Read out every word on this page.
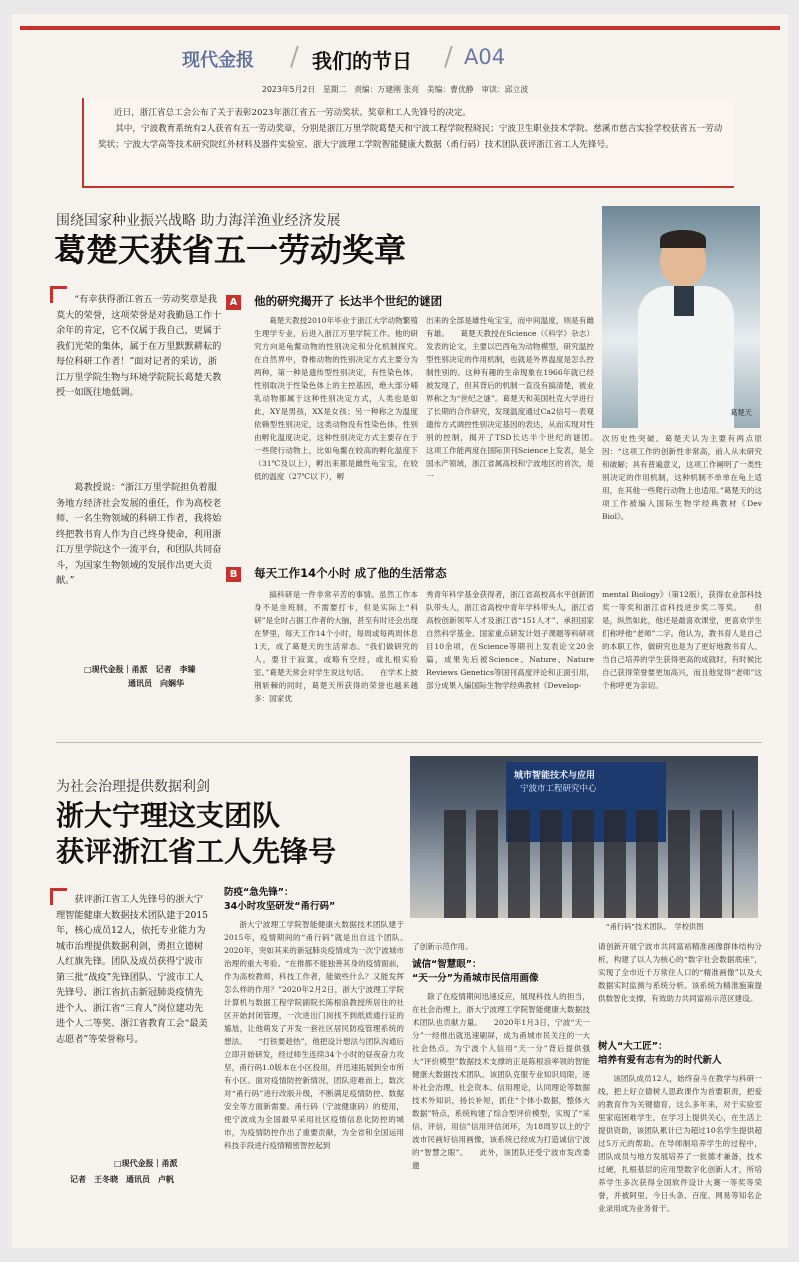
现代金报 / 我们的节日 / A04
2023年5月2日　星期二　责编：万建刚 张亮　美编：曹优静　审读：邱立波
近日，浙江省总工会公布了关于表彰2023年浙江省五一劳动奖状、奖章和工人先锋号的决定。
其中，宁波教育系统有2人获省有五一劳动奖章，分别是浙江万里学院葛楚天和宁波工程学院程晓民；宁波卫生职业技术学院、慈溪市慈吉实验学校获省五一劳动奖状；宁波大学高等技术研究院红外材料及器件实验室、浙大宁波理工学院智能健康大数据（甬行码）技术团队获评浙江省工人先锋号。
围绕国家种业振兴战略 助力海洋渔业经济发展
葛楚天获省五一劳动奖章
葛楚天
“有幸获得浙江省五一劳动奖章是我莫大的荣誉，这项荣誉是对我勤恳工作十余年的肯定，它不仅属于我自己，更属于我们光荣的集体，属于在万里默默耕耘的每位科研工作者！”面对记者的采访，浙江万里学院生物与环境学院院长葛楚天教授一如既往地低调。
葛教授说：“浙江万里学院担负着服务地方经济社会发展的重任，作为高校老师、一名生物领域的科研工作者，我将始终把教书育人作为自己终身使命，利用浙江万里学院这个一流平台，和团队共同奋斗，为国家生物领域的发展作出更大贡献。”
□现代金报｜甬派　记者　李臻
通讯员　向娴华
A 他的研究揭开了 长达半个世纪的谜团
葛楚天教授2010年毕业于浙江大学动物繁殖生理学专业，后进入浙江万里学院工作。他的研究方向是龟鳖动物的性别决定和分化机制探究。　　在自然界中，脊椎动物的性别决定方式主要分为两种，第一种是遗传型性别决定，有性染色体，性别取决于性染色体上的主控基因，绝大部分哺乳动物都属于这种性别决定方式，人类也是如此，XY是男孩，XX是女孩；另一种称之为温度依赖型性别决定，这类动物没有性染色体，性别由孵化温度决定，这种性别决定方式主要存在于一些爬行动物上，比如龟鳖在较高的孵化温度下（31℃及以上），孵出来都是雌性龟宝宝，在较低的温度（27℃以下），孵
出来的全部是雄性龟宝宝，而中间温度，则是有雌有雄。　　葛楚天教授在Science（《科学》杂志）发表的论文，主要以巴西龟为动物模型，研究温控型性别决定的作用机制，也就是外界温度是怎么控制性别的。这种有趣的生命现象在1966年就已经被发现了，但其背后的机制一直没有搞清楚，被业界称之为“世纪之谜”。葛楚天和美国杜克大学进行了长期的合作研究，发现温度通过Ca2信号－表观遗传方式调控性别决定基因的表达，从而实现对性别的控制，揭开了TSD长达半个世纪的谜团。　　这项工作能两度在国际顶刊Science上发表，是全国水产领域，浙江省属高校和宁波地区的首次，是一
次历史性突破。葛楚天认为主要有两点原因：“这项工作的创新性非常高，前人从未研究和破解；具有普遍意义，这项工作阐明了一类性别决定的作用机制，这种机制不单单在龟上适用，在其他一些爬行动物上也适用。”葛楚天的这项工作被编入国际生物学经典教材《Dev Biol》。
B 每天工作14个小时 成了他的生活常态
搞科研是一件非常辛苦的事情。虽然工作本身不是坐班制，不需要打卡，但是实际上“科研”是全时占据工作者的大脑，甚至有时还会出现在梦里，每天工作14个小时，每周或每两周休息1天，成了葛楚天的生活常态。“我们做研究的人，要甘于寂寞，或略有空经，或扎根实验室。”葛楚天常会对学生说这句话。　　在学术上披荆斩棘的同时，葛楚天所获得的荣誉也越来越多：国家优
秀青年科学基金获得者，浙江省高校高水平创新团队带头人，浙江省高校中青年学科带头人，浙江省高校创新领军人才及浙江省“151人才”、承担国家自然科学基金、国家重点研发计划子课题等科研项目10余项，在Science等期刊上发表论文20余篇，成果先后被Science、Nature、Nature Reviews Genetics等国刊高度评论和正面引用，部分成果入编国际生物学经典教材《Develop-
mental Biology》（第12版），获得农业部科技奖一等奖和浙江省科技进步奖二等奖。　　但是，纵然如此，他还是最喜欢课堂，更喜欢学生们称呼他“老师”二字。他认为，教书育人是自己的本职工作，做研究也是为了更好地教书育人。当自己培养的学生获得更高的成就时，有时候比自己获得荣誉要更加高兴，而且他觉得“老师”这个称呼更为亲切。
为社会治理提供数据利剑
浙大宁理这支团队
获评浙江省工人先锋号
城市智能技术与应用
宁波市工程研究中心
“甬行码”技术团队。　学校供图
获评浙江省工人先锋号的浙大宁理智能健康大数据技术团队建于2015年，核心成员12人，依托专业能力为城市治理提供数据利剑，勇担立德树人红旗先锋。团队及成员获得宁波市第三批“战疫”先锋团队、宁波市工人先锋号、浙江省抗击新冠肺炎疫情先进个人、浙江省“三育人”岗位建功先进个人二等奖、浙江省教育工会“最美志愿者”等荣誉称号。
□现代金报｜甬派
记者　王冬晓　通讯员　卢帆
防疫“急先锋”：
34小时攻坚研发“甬行码”
浙大宁波理工学院智能健康大数据技术团队建于2015年，疫情期间的“甬行码”就是出自这个团队。　　2020年，突如其来的新冠肺炎疫情成为一次宁波城市治理的重大考验。“在推都不能独善其身的疫情面前，作为高校教师，科技工作者，能做些什么？又能发挥怎么样的作用？”2020年2月2日，浙大宁波理工学院计算机与数据工程学院副院长陈根浪教授所居住的社区开始封闭管理，一次进出门岗找不到纸质通行证的尴尬，让他萌发了开发一套社区居民防疫管理系统的想法。　　“打铁要趁热”，他把设计想法与团队沟通后立即开始研发，经过师生连续34个小时的昼夜奋力攻坚，甬行码1.0版本在小区投用，并迅速拓展到全市所有小区。面对疫情防控新情况，团队迎难而上，数次对“甬行码”进行改版升级，不断满足疫情防控、数据安全等方面新需要。甬行码（宁波健康码）的使用，使宁波成为全国最早采用社区疫情信息化防控的城市，为疫情防控作出了重要贡献，为全省和全国运用科技手段进行疫情精密智控起到
了创新示范作用。
诚信“智慧眼”：
“天一分”为甬城市民信用画像
除了在疫情期间迅速反应，展现科技人的担当，在社会治理上，浙大宁波理工学院智能健康大数据技术团队也贡献力量。　　2020年1月3日，宁波“天一分”一经推出就迅速刷屏，成为甬城市民关注的一大社会热点。为宁波个人信用“天一分”背后提供强大“评价模型”数据技术支撑的正是陈根浪率领的智能健康大数据技术团队。该团队克服专业知识局限，逐补社会治理，社会资本、信用理论，认同理论等数据技术外知识，扬长补短，抓住“个体小数据，整体大数据”特点，系统构建了综合型评价模型，实现了“采信，评信，用信”信用评估闭环，为18周岁以上的宁波市民画好信用画像，该系统已经成为打造诚信宁波的“智慧之眼”。　　此外，该团队还受宁波市发改委邀
请创新开展宁波市共同富裕精准画像群体结构分析，构建了以人为核心的“数字社会数据底座”，实现了全市近千万常住人口的“精准画像”以及大数据实时监测与系统分析。该系统为精准施策提供数智化支撑，有效助力共同富裕示范区建设。
树人“大工匠”：
培养有爱有志有为的时代新人
该团队成员12人，始终奋斗在教学与科研一线，把上好立德树人思政课作为首要职责，把爱的教育作为关键德育，这么多年来，对于实验室里家庭困难学生，在学习上提供关心，在生活上提供资助，该团队累计已为超过10名学生提供超过5万元的帮助。在导师制培养学生的过程中，团队成员与地方发展培养了一批德才兼备，技术过硬，扎根基层的应用型数字化创新人才，所培养学生多次获得全国软件设计大赛一等奖等荣誉，并被阿里、今日头条、百度、网易等知名企业录用成为业务骨干。
